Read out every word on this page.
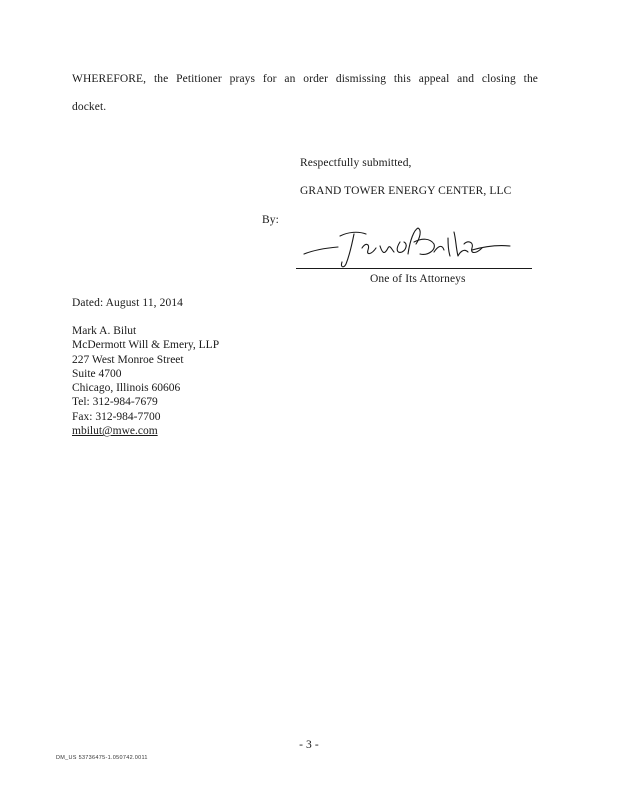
WHEREFORE, the Petitioner prays for an order dismissing this appeal and closing the
docket.
Respectfully submitted,
GRAND TOWER ENERGY CENTER, LLC
By:
One of Its Attorneys
Dated: August 11, 2014
Mark A. Bilut
McDermott Will & Emery, LLP
227 West Monroe Street
Suite 4700
Chicago, Illinois 60606
Tel: 312-984-7679
Fax: 312-984-7700
mbilut@mwe.com
- 3 -
DM_US 53736475-1.050742.0011
